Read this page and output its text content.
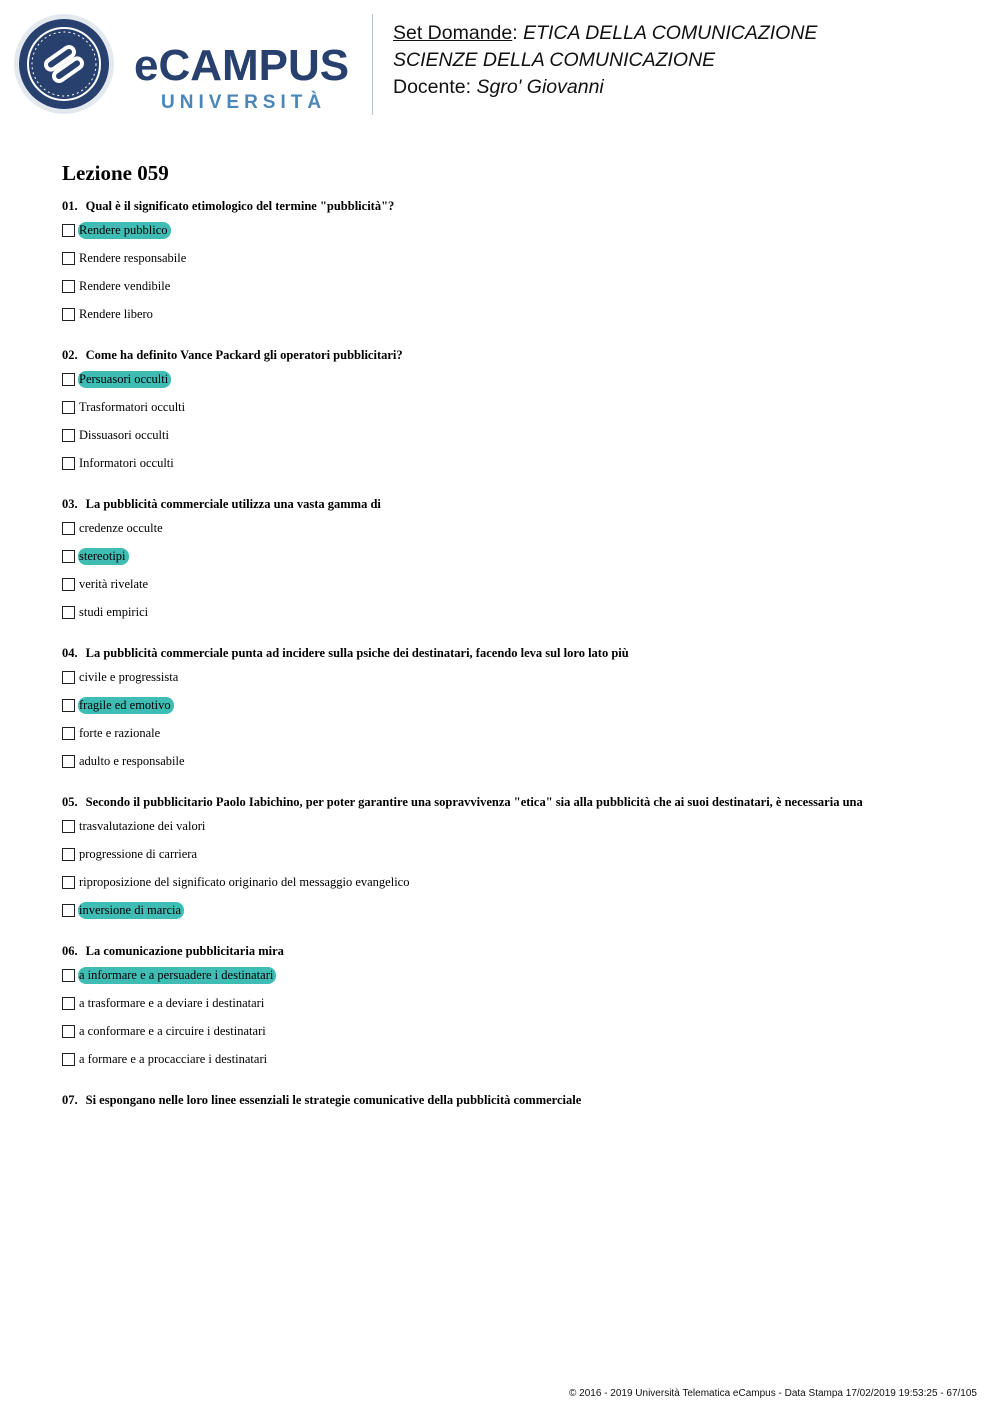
eCAMPUS
UNIVERSITÀ
Set Domande: ETICA DELLA COMUNICAZIONE
SCIENZE DELLA COMUNICAZIONE
Docente: Sgro' Giovanni
Lezione 059
01. Qual è il significato etimologico del termine "pubblicità"?
Rendere pubblico
Rendere responsabile
Rendere vendibile
Rendere libero
02. Come ha definito Vance Packard gli operatori pubblicitari?
Persuasori occulti
Trasformatori occulti
Dissuasori occulti
Informatori occulti
03. La pubblicità commerciale utilizza una vasta gamma di
credenze occulte
stereotipi
verità rivelate
studi empirici
04. La pubblicità commerciale punta ad incidere sulla psiche dei destinatari, facendo leva sul loro lato più
civile e progressista
fragile ed emotivo
forte e razionale
adulto e responsabile
05. Secondo il pubblicitario Paolo Iabichino, per poter garantire una sopravvivenza "etica" sia alla pubblicità che ai suoi destinatari, è necessaria una
trasvalutazione dei valori
progressione di carriera
riproposizione del significato originario del messaggio evangelico
inversione di marcia
06. La comunicazione pubblicitaria mira
a informare e a persuadere i destinatari
a trasformare e a deviare i destinatari
a conformare e a circuire i destinatari
a formare e a procacciare i destinatari
07. Si espongano nelle loro linee essenziali le strategie comunicative della pubblicità commerciale
© 2016 - 2019 Università Telematica eCampus - Data Stampa 17/02/2019 19:53:25 - 67/105
